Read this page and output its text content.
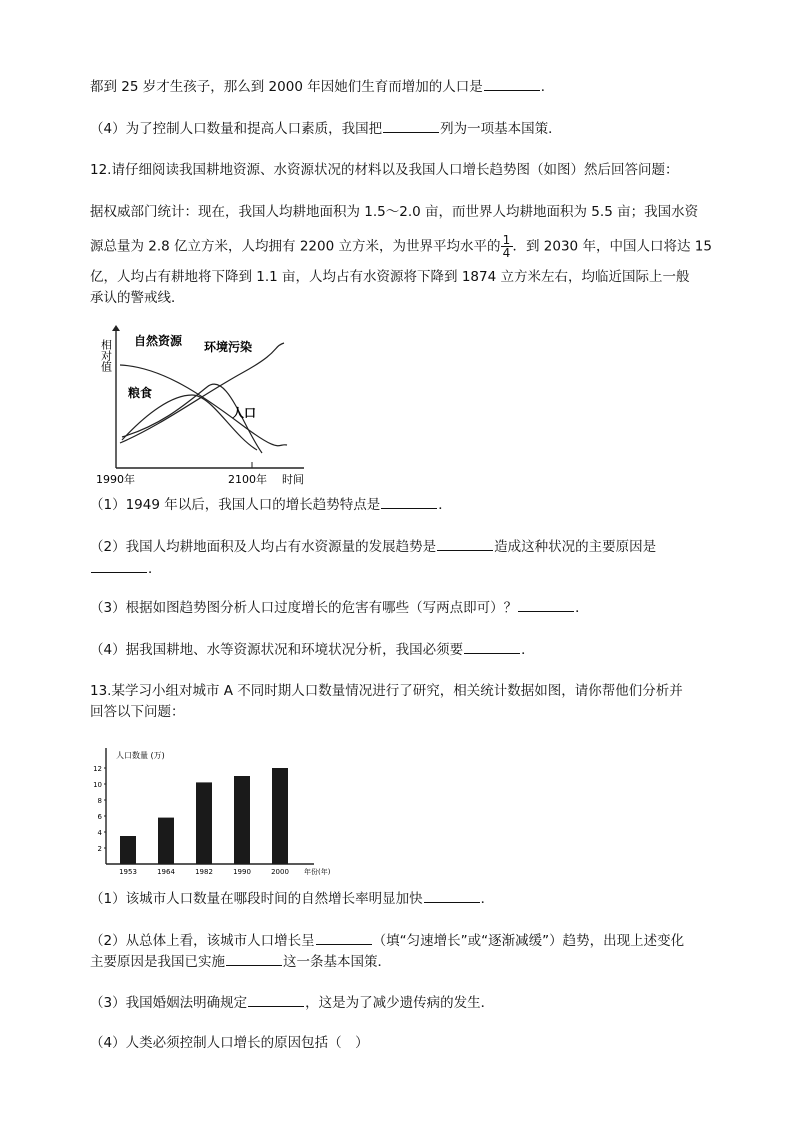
都到 25 岁才生孩子，那么到 2000 年因她们生育而增加的人口是	．
（4）为了控制人口数量和提高人口素质，我国把	列为一项基本国策．
12.请仔细阅读我国耕地资源、水资源状况的材料以及我国人口增长趋势图（如图）然后回答问题：
据权威部门统计：现在，我国人均耕地面积为 1.5～2.0 亩，而世界人均耕地面积为 5.5 亩；我国水资
源总量为 2.8 亿立方米，人均拥有 2200 立方米，为世界平均水平的 $\frac{1}{4}$ ．到 2030 年，中国人口将达 15
亿，人均占有耕地将下降到 1.1 亩，人均占有水资源将下降到 1874 立方米左右，均临近国际上一般
承认的警戒线．
相对值
时间
1990年	2100年
自然资源 环境污染
粮食
人口
（1）1949 年以后，我国人口的增长趋势特点是	．
（2）我国人均耕地面积及人均占有水资源量的发展趋势是	造成这种状况的主要原因是
．
（3）根据如图趋势图分析人口过度增长的危害有哪些（写两点即可）？	．
（4）据我国耕地、水等资源状况和环境状况分析，我国必须要	．
13.某学习小组对城市 A 不同时期人口数量情况进行了研究，相关统计数据如图，请你帮他们分析并
回答以下问题：
人口数量 (万)
年份(年)
1953	1964	1982	1990	2000
2
4
6
8
10
12
（1）该城市人口数量在哪段时间的自然增长率明显加快	．
（2）从总体上看，该城市人口增长呈	（填“匀速增长”或“逐渐减缓”）趋势，出现上述变化
主要原因是我国已实施	这一条基本国策．
（3）我国婚姻法明确规定	，这是为了减少遗传病的发生．
（4）人类必须控制人口增长的原因包括（　）
